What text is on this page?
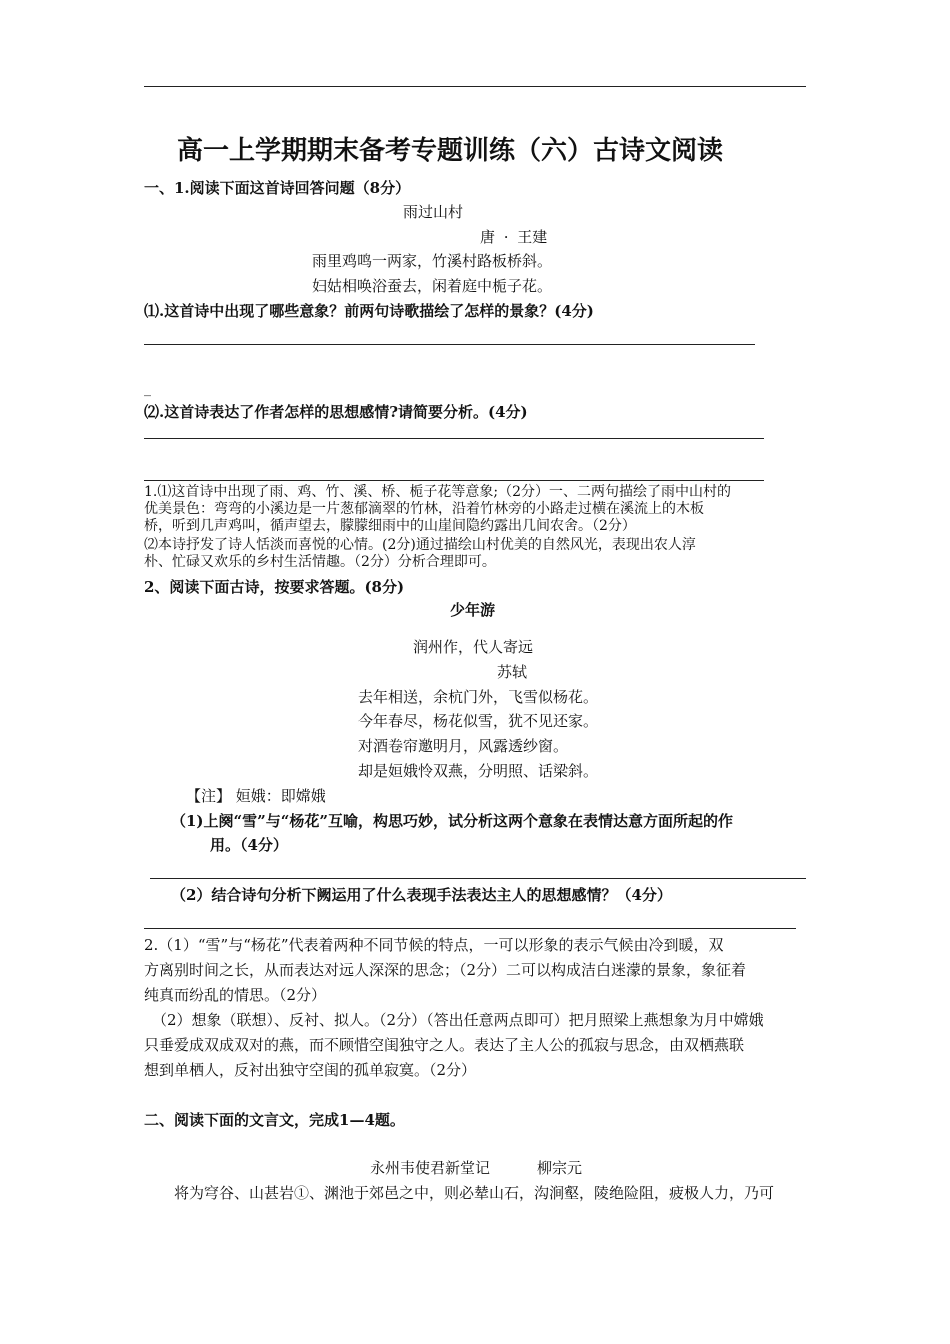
高一上学期期末备考专题训练（六）古诗文阅读
一、1.阅读下面这首诗回答问题（8分）
雨过山村
唐 · 王建
雨里鸡鸣一两家，竹溪村路板桥斜。
妇姑相唤浴蚕去，闲着庭中栀子花。
⑴.这首诗中出现了哪些意象？前两句诗歌描绘了怎样的景象？(4分)
_
⑵.这首诗表达了作者怎样的思想感情?请简要分析。(4分)
1.⑴这首诗中出现了雨、鸡、竹、溪、桥、栀子花等意象;（2分）一、二两句描绘了雨中山村的
优美景色：弯弯的小溪边是一片葱郁滴翠的竹林，沿着竹林旁的小路走过横在溪流上的木板
桥，听到几声鸡叫，循声望去，朦朦细雨中的山崖间隐约露出几间农舍。（2分）
⑵本诗抒发了诗人恬淡而喜悦的心情。(2分)通过描绘山村优美的自然风光，表现出农人淳
朴、忙碌又欢乐的乡村生活情趣。（2分）分析合理即可。
2、阅读下面古诗，按要求答题。(8分)
少年游
润州作，代人寄远
苏轼
去年相送，余杭门外，飞雪似杨花。
今年春尽，杨花似雪，犹不见还家。
对酒卷帘邀明月，风露透纱窗。
却是姮娥怜双燕，分明照、话梁斜。
【注】 姮娥：即嫦娥
（1)上阕“雪”与“杨花”互喻，构思巧妙，试分析这两个意象在表情达意方面所起的作
用。（4分）
（2）结合诗句分析下阙运用了什么表现手法表达主人的思想感情？（4分）
2.（1）“雪”与“杨花”代表着两种不同节候的特点，一可以形象的表示气候由冷到暖，双
方离别时间之长，从而表达对远人深深的思念；（2分）二可以构成洁白迷濛的景象，象征着
纯真而纷乱的情思。（2分）
（2）想象（联想）、反衬、拟人。（2分）（答出任意两点即可）把月照梁上燕想象为月中嫦娥
只垂爱成双成双对的燕，而不顾惜空闺独守之人。表达了主人公的孤寂与思念，由双栖燕联
想到单栖人，反衬出独守空闺的孤单寂寞。（2分）
二、阅读下面的文言文，完成1—4题。
永州韦使君新堂记	柳宗元
将为穹谷、山甚岩①、渊池于郊邑之中，则必辇山石，沟涧壑，陵绝险阻，疲极人力，乃可
